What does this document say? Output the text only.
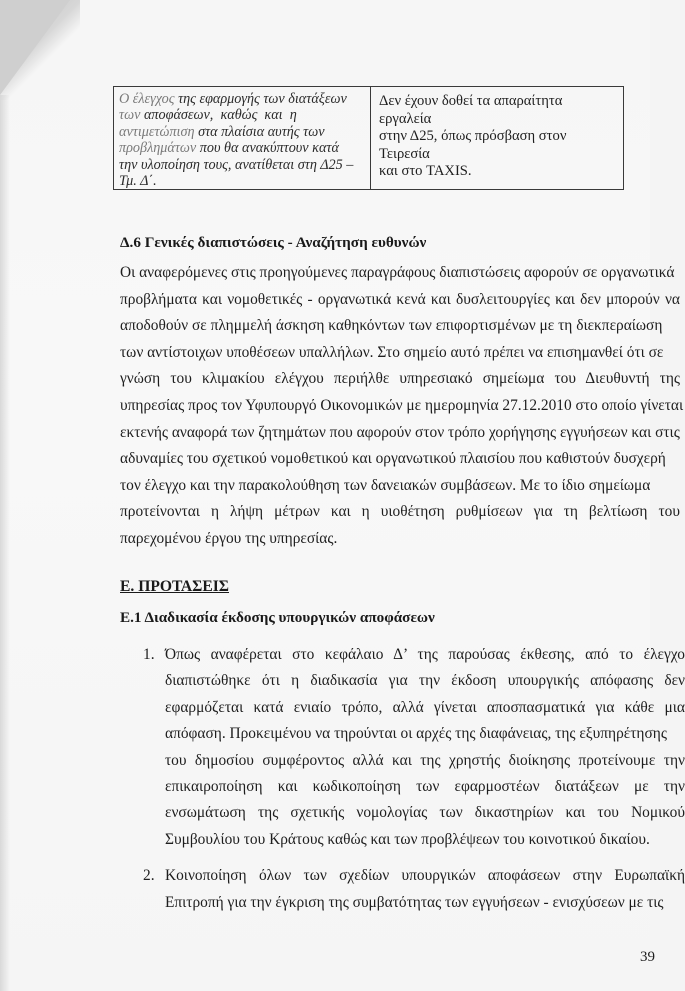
Ο έλεγχος της εφαρμογής των διατάξεων
των αποφάσεων,  καθώς  και  η
αντιμετώπιση στα πλαίσια αυτής των
προβλημάτων που θα ανακύπτουν κατά
την υλοποίηση τους, ανατίθεται στη Δ25 –
Τμ. Δ΄.
Δεν έχουν δοθεί τα απαραίτητα εργαλεία
στην Δ25, όπως πρόσβαση στον Τειρεσία
και στο TAXIS.
Δ.6 Γενικές διαπιστώσεις - Αναζήτηση ευθυνών
Οι αναφερόμενες στις προηγούμενες παραγράφους διαπιστώσεις αφορούν σε οργανωτικά
προβλήματα και νομοθετικές - οργανωτικά κενά και δυσλειτουργίες και δεν μπορούν να
αποδοθούν σε πλημμελή άσκηση καθηκόντων των επιφορτισμένων με τη διεκπεραίωση
των αντίστοιχων υποθέσεων υπαλλήλων. Στο σημείο αυτό πρέπει να επισημανθεί ότι σε
γνώση του κλιμακίου ελέγχου περιήλθε υπηρεσιακό σημείωμα του Διευθυντή της
υπηρεσίας προς τον Υφυπουργό Οικονομικών με ημερομηνία 27.12.2010 στο οποίο γίνεται
εκτενής αναφορά των ζητημάτων που αφορούν στον τρόπο χορήγησης εγγυήσεων και στις
αδυναμίες του σχετικού νομοθετικού και οργανωτικού πλαισίου που καθιστούν δυσχερή
τον έλεγχο και την παρακολούθηση των δανειακών συμβάσεων. Με το ίδιο σημείωμα
προτείνονται η λήψη μέτρων και η υιοθέτηση ρυθμίσεων για τη βελτίωση του
παρεχομένου έργου της υπηρεσίας.
Ε. ΠΡΟΤΑΣΕΙΣ
Ε.1 Διαδικασία έκδοσης υπουργικών αποφάσεων
1. Όπως αναφέρεται στο κεφάλαιο Δ’ της παρούσας έκθεσης, από το έλεγχο
διαπιστώθηκε ότι η διαδικασία για την έκδοση υπουργικής απόφασης δεν
εφαρμόζεται κατά ενιαίο τρόπο, αλλά γίνεται αποσπασματικά για κάθε μια
απόφαση. Προκειμένου να τηρούνται οι αρχές της διαφάνειας, της εξυπηρέτησης
του δημοσίου συμφέροντος αλλά και της χρηστής διοίκησης προτείνουμε την
επικαιροποίηση και κωδικοποίηση των εφαρμοστέων διατάξεων με την
ενσωμάτωση της σχετικής νομολογίας των δικαστηρίων και του Νομικού
Συμβουλίου του Κράτους καθώς και των προβλέψεων του κοινοτικού δικαίου.
2. Κοινοποίηση όλων των σχεδίων υπουργικών αποφάσεων στην Ευρωπαϊκή
Επιτροπή για την έγκριση της συμβατότητας των εγγυήσεων - ενισχύσεων με τις
39
